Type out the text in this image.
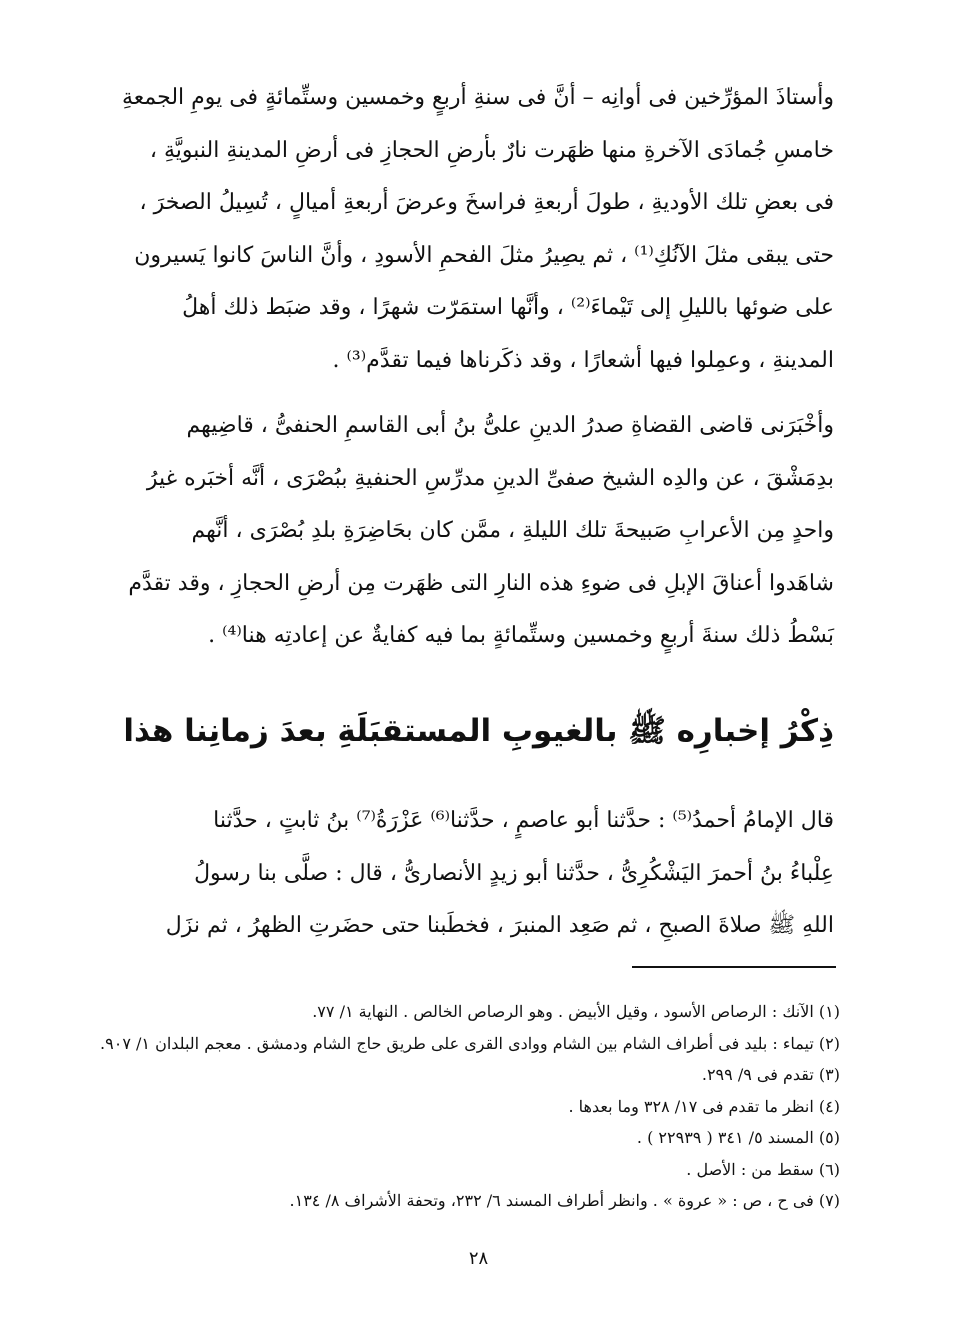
وأستاذَ المؤرِّخين فى أوانِه – أنَّ فى سنةِ أربعٍ وخمسين وستِّمائةٍ فى يومِ الجمعةِ
خامسِ جُمادَى الآخرةِ منها ظهَرت نارٌ بأرضِ الحجازِ فى أرضِ المدينةِ النبويَّةِ ،
فى بعضِ تلك الأوديةِ ، طولَ أربعةِ فراسخَ وعرضَ أربعةِ أميالٍ ، تُسِيلُ الصخرَ ،
حتى يبقى مثلَ الآنُكِ⁽¹⁾ ، ثم يصِيرُ مثلَ الفحمِ الأسودِ ، وأنَّ الناسَ كانوا يَسيرون
على ضوئها بالليلِ إلى تَيْماءَ⁽²⁾ ، وأنَّها استمَرّت شهرًا ، وقد ضبَط ذلك أهلُ
المدينةِ ، وعمِلوا فيها أشعارًا ، وقد ذكَرناها فيما تقدَّم⁽³⁾ .
وأخْبَرَنى قاضى القضاةِ صدرُ الدينِ علىُّ بنُ أبى القاسمِ الحنفىُّ ، قاضِيهم
بدِمَشْقَ ، عن والدِه الشيخ صفىِّ الدينِ مدرِّسِ الحنفيةِ ببُصْرَى ، أنَّه أخبَره غيرُ
واحدٍ مِن الأعرابِ صَبيحةَ تلك الليلةِ ، ممَّن كان بحَاضِرَةِ بلدِ بُصْرَى ، أنَّهم
شاهَدوا أعناقَ الإبلِ فى ضوءِ هذه النارِ التى ظهَرت مِن أرضِ الحجازِ ، وقد تقدَّم
بَسْطُ ذلك سنةَ أربعٍ وخمسين وستِّمائةٍ بما فيه كفايةٌ عن إعادتِه هنا⁽⁴⁾ .
ذِكْرُ إخبارِه ﷺ بالغيوبِ المستقبَلَةِ بعدَ زمانِنا هذا
قال الإمامُ أحمدُ⁽⁵⁾ : حدَّثنا أبو عاصمٍ ، حدَّثنا⁽⁶⁾ عَزْرَةُ⁽⁷⁾ بنُ ثابتٍ ، حدَّثنا
عِلْباءُ بنُ أحمرَ اليَشْكُرِىُّ ، حدَّثنا أبو زيدٍ الأنصارىُّ ، قال : صلَّى بنا رسولُ
اللهِ ﷺ صلاةَ الصبحِ ، ثم صَعِد المنبرَ ، فخطَبنا حتى حضَرتِ الظهرُ ، ثم نزَل
(١) الآنك : الرصاص الأسود ، وقيل الأبيض . وهو الرصاص الخالص . النهاية ١/ ٧٧.
(٢) تيماء : بليد فى أطراف الشام بين الشام ووادى القرى على طريق حاج الشام ودمشق . معجم البلدان ١/ ٩٠٧.
(٣) تقدم فى ٩/ ٢٩٩.
(٤) انظر ما تقدم فى ١٧/ ٣٢٨ وما بعدها .
(٥) المسند ٥/ ٣٤١ ( ٢٢٩٣٩ ) .
(٦) سقط من : الأصل .
(٧) فى ح ، ص : « عروة » . وانظر أطراف المسند ٦/ ٢٣٢، وتحفة الأشراف ٨/ ١٣٤.
٢٨
